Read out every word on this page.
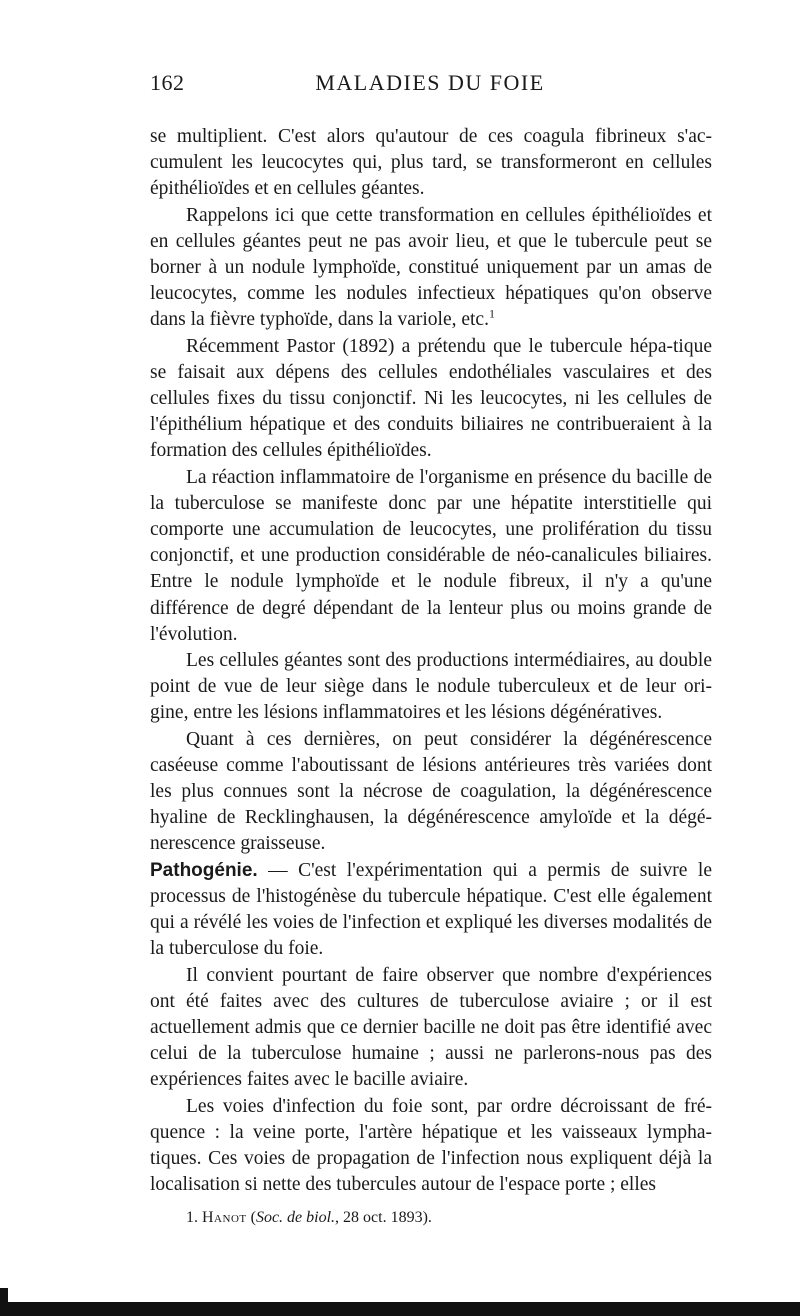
162	MALADIES DU FOIE

se multiplient. C'est alors qu'autour de ces coagula fibrineux s'ac-cumulent les leucocytes qui, plus tard, se transformeront en cellules épithélioïdes et en cellules géantes.

Rappelons ici que cette transformation en cellules épithélioïdes et en cellules géantes peut ne pas avoir lieu, et que le tubercule peut se borner à un nodule lymphoïde, constitué uniquement par un amas de leucocytes, comme les nodules infectieux hépatiques qu'on observe dans la fièvre typhoïde, dans la variole, etc.$^1$

Récemment Pastor (1892) a prétendu que le tubercule hépa-tique se faisait aux dépens des cellules endothéliales vasculaires et des cellules fixes du tissu conjonctif. Ni les leucocytes, ni les cellules de l'épithélium hépatique et des conduits biliaires ne contribueraient à la formation des cellules épithélioïdes.

La réaction inflammatoire de l'organisme en présence du bacille de la tuberculose se manifeste donc par une hépatite interstitielle qui comporte une accumulation de leucocytes, une prolifération du tissu conjonctif, et une production considérable de néo-canalicules biliaires. Entre le nodule lymphoïde et le nodule fibreux, il n'y a qu'une différence de degré dépendant de la lenteur plus ou moins grande de l'évolution.

Les cellules géantes sont des productions intermédiaires, au double point de vue de leur siège dans le nodule tuberculeux et de leur ori-gine, entre les lésions inflammatoires et les lésions dégénératives.

Quant à ces dernières, on peut considérer la dégénérescence caséeuse comme l'aboutissant de lésions antérieures très variées dont les plus connues sont la nécrose de coagulation, la dégénérescence hyaline de Recklinghausen, la dégénérescence amyloïde et la dégé-nerescence graisseuse.

Pathogénie. — C'est l'expérimentation qui a permis de suivre le processus de l'histogénèse du tubercule hépatique. C'est elle également qui a révélé les voies de l'infection et expliqué les diverses modalités de la tuberculose du foie.

Il convient pourtant de faire observer que nombre d'expériences ont été faites avec des cultures de tuberculose aviaire ; or il est actuellement admis que ce dernier bacille ne doit pas être identifié avec celui de la tuberculose humaine ; aussi ne parlerons-nous pas des expériences faites avec le bacille aviaire.

Les voies d'infection du foie sont, par ordre décroissant de fré-quence : la veine porte, l'artère hépatique et les vaisseaux lympha-tiques. Ces voies de propagation de l'infection nous expliquent déjà la localisation si nette des tubercules autour de l'espace porte ; elles

1. Hanot (Soc. de biol., 28 oct. 1893).
